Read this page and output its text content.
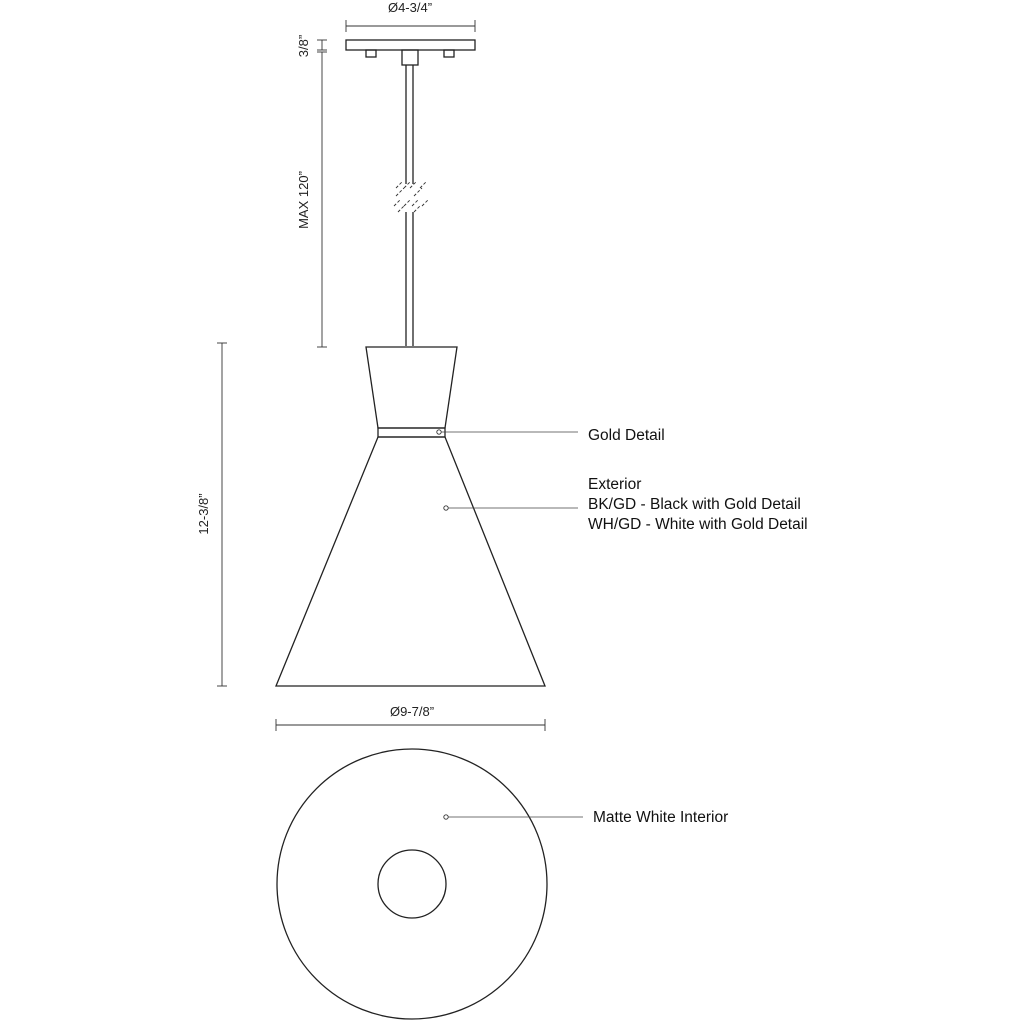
Ø4-3/4”
3/8”
MAX 120”
12-3/8”
Gold Detail
Exterior
BK/GD - Black with Gold Detail
WH/GD - White with Gold Detail
Ø9-7/8”
Matte White Interior
